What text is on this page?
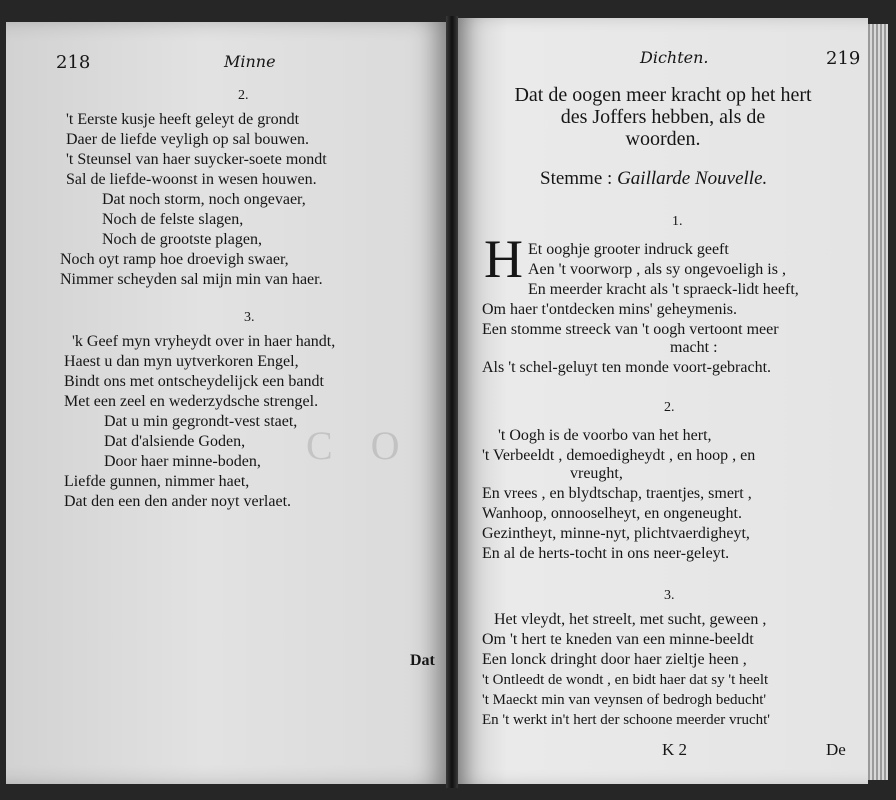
C O
218	Minne
2.
't Eerste kusje heeft geleyt de grondt
Daer de liefde veyligh op sal bouwen.
't Steunsel van haer suycker-soete mondt
Sal de liefde-woonst in wesen houwen.
Dat noch storm, noch ongevaer,
Noch de felste slagen,
Noch de grootste plagen,
Noch oyt ramp hoe droevigh swaer,
Nimmer scheyden sal mijn min van haer.
3.
'k Geef myn vryheydt over in haer handt,
Haest u dan myn uytverkoren Engel,
Bindt ons met ontscheydelijck een bandt
Met een zeel en wederzydsche strengel.
Dat u min gegrondt-vest staet,
Dat d'alsiende Goden,
Door haer minne-boden,
Liefde gunnen, nimmer haet,
Dat den een den ander noyt verlaet.
Dat
Dichten.	219
Dat de oogen meer kracht op het hert
des Joffers hebben, als de
woorden.
Stemme : Gaillarde Nouvelle.
1.
H Et ooghje grooter indruck geeft
Aen 't voorworp , als sy ongevoeligh is ,
En meerder kracht als 't spraeck-lidt heeft,
Om haer t'ontdecken mins' geheymenis.
Een stomme streeck van 't oogh vertoont meer
macht :
Als 't schel-geluyt ten monde voort-gebracht.
2.
't Oogh is de voorbo van het hert,
't Verbeeldt , demoedigheydt , en hoop , en
vreught,
En vrees , en blydtschap, traentjes, smert ,
Wanhoop, onnooselheyt, en ongeneught.
Gezintheyt, minne-nyt, plichtvaerdigheyt,
En al de herts-tocht in ons neer-geleyt.
3.
Het vleydt, het streelt, met sucht, geween ,
Om 't hert te kneden van een minne-beeldt
Een lonck dringht door haer zieltje heen ,
't Ontleedt de wondt , en bidt haer dat sy 't heelt
't Maeckt min van veynsen of bedrogh beducht'
En 't werkt in't hert der schoone meerder vrucht'
K 2	De
